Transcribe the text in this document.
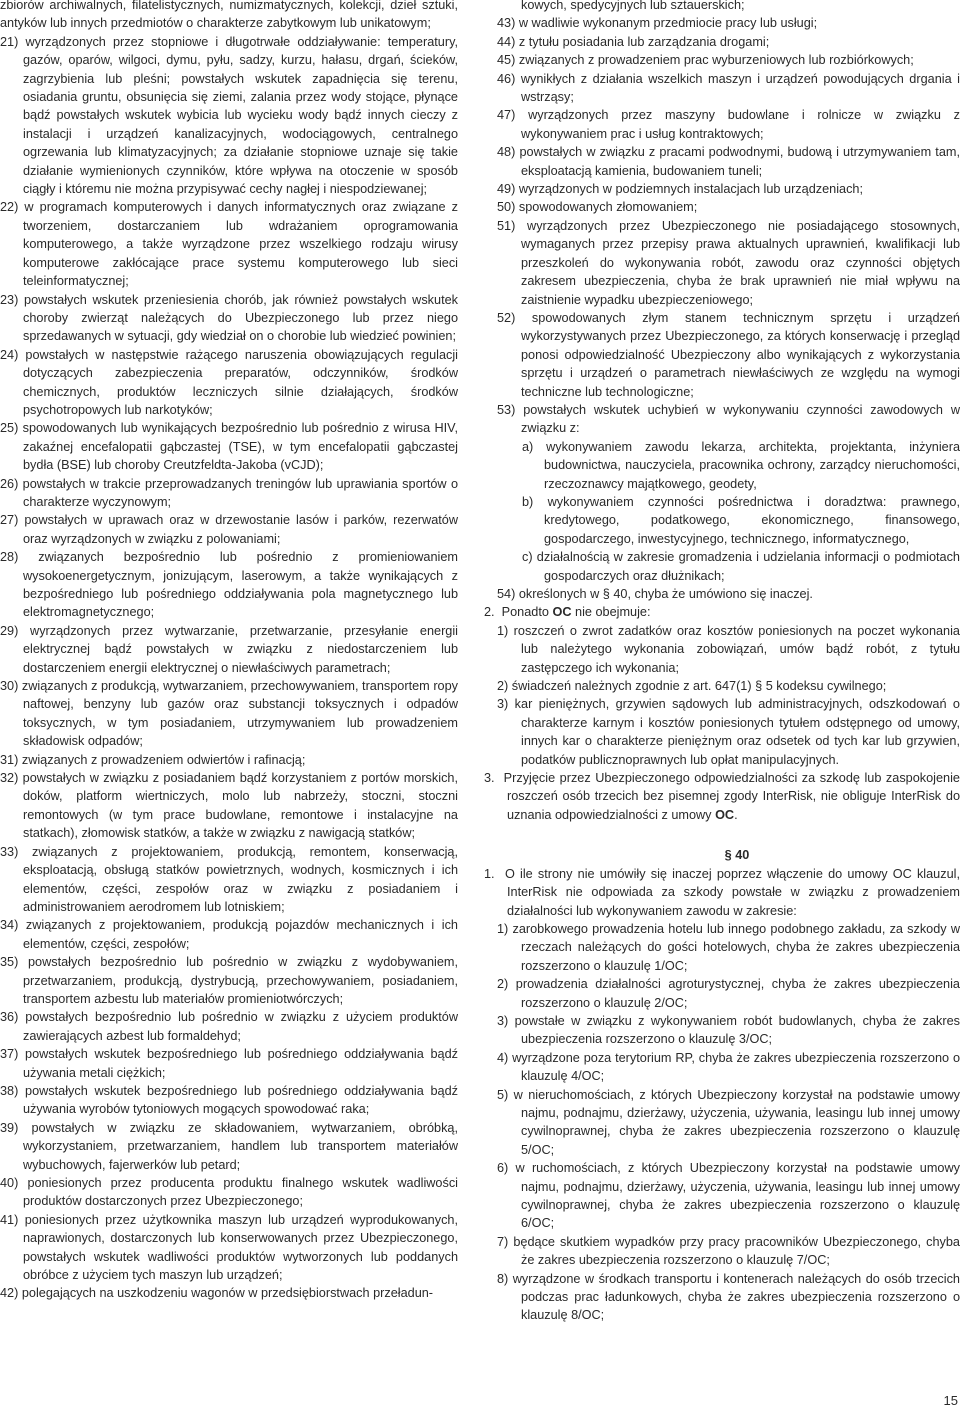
zbiorów archiwalnych, filatelistycznych, numizmatycznych, kolekcji, dzieł sztuki, antyków lub innych przedmiotów o charakterze zabytkowym lub unikatowym;

21) wyrządzonych przez stopniowe i długotrwałe oddziaływanie: temperatury, gazów, oparów, wilgoci, dymu, pyłu, sadzy, kurzu, hałasu, drgań, ścieków, zagrzybienia lub pleśni; powstałych wskutek zapadnięcia się terenu, osiadania gruntu, obsunięcia się ziemi, zalania przez wody stojące, płynące bądź powstałych wskutek wybicia lub wycieku wody bądź innych cieczy z instalacji i urządzeń kanalizacyjnych, wodociągowych, centralnego ogrzewania lub klimatyzacyjnych; za działanie stopniowe uznaje się takie działanie wymienionych czynników, które wpływa na otoczenie w sposób ciągły i któremu nie można przypisywać cechy nagłej i niespodziewanej;

22) w programach komputerowych i danych informatycznych oraz związane z tworzeniem, dostarczaniem lub wdrażaniem oprogramowania komputerowego, a także wyrządzone przez wszelkiego rodzaju wirusy komputerowe zakłócające prace systemu komputerowego lub sieci teleinformatycznej;

23) powstałych wskutek przeniesienia chorób, jak również powstałych wskutek choroby zwierząt należących do Ubezpieczonego lub przez niego sprzedawanych w sytuacji, gdy wiedział on o chorobie lub wiedzieć powinien;

24) powstałych w następstwie rażącego naruszenia obowiązujących regulacji dotyczących zabezpieczenia preparatów, odczynników, środków chemicznych, produktów leczniczych silnie działających, środków psychotropowych lub narkotyków;

25) spowodowanych lub wynikających bezpośrednio lub pośrednio z wirusa HIV, zakaźnej encefalopatii gąbczastej (TSE), w tym encefalopatii gąbczastej bydła (BSE) lub choroby Creutzfeldta-Jakoba (vCJD);

26) powstałych w trakcie przeprowadzanych treningów lub uprawiania sportów o charakterze wyczynowym;

27) powstałych w uprawach oraz w drzewostanie lasów i parków, rezerwatów oraz wyrządzonych w związku z polowaniami;

28) związanych bezpośrednio lub pośrednio z promieniowaniem wysokoenergetycznym, jonizującym, laserowym, a także wynikających z bezpośredniego lub pośredniego oddziaływania pola magnetycznego lub elektromagnetycznego;

29) wyrządzonych przez wytwarzanie, przetwarzanie, przesyłanie energii elektrycznej bądź powstałych w związku z niedostarczeniem lub dostarczeniem energii elektrycznej o niewłaściwych parametrach;

30) związanych z produkcją, wytwarzaniem, przechowywaniem, transportem ropy naftowej, benzyny lub gazów oraz substancji toksycznych i odpadów toksycznych, w tym posiadaniem, utrzymywaniem lub prowadzeniem składowisk odpadów;

31) związanych z prowadzeniem odwiertów i rafinacją;

32) powstałych w związku z posiadaniem bądź korzystaniem z portów morskich, doków, platform wiertniczych, molo lub nabrzeży, stoczni, stoczni remontowych (w tym prace budowlane, remontowe i instalacyjne na statkach), złomowisk statków, a także w związku z nawigacją statków;

33) związanych z projektowaniem, produkcją, remontem, konserwacją, eksploatacją, obsługą statków powietrznych, wodnych, kosmicznych i ich elementów, części, zespołów oraz w związku z posiadaniem i administrowaniem aerodromem lub lotniskiem;

34) związanych z projektowaniem, produkcją pojazdów mechanicznych i ich elementów, części, zespołów;

35) powstałych bezpośrednio lub pośrednio w związku z wydobywaniem, przetwarzaniem, produkcją, dystrybucją, przechowywaniem, posiadaniem, transportem azbestu lub materiałów promieniotwórczych;

36) powstałych bezpośrednio lub pośrednio w związku z użyciem produktów zawierających azbest lub formaldehyd;

37) powstałych wskutek bezpośredniego lub pośredniego oddziaływania bądź używania metali ciężkich;

38) powstałych wskutek bezpośredniego lub pośredniego oddziaływania bądź używania wyrobów tytoniowych mogących spowodować raka;

39) powstałych w związku ze składowaniem, wytwarzaniem, obróbką, wykorzystaniem, przetwarzaniem, handlem lub transportem materiałów wybuchowych, fajerwerków lub petard;

40) poniesionych przez producenta produktu finalnego wskutek wadliwości produktów dostarczonych przez Ubezpieczonego;

41) poniesionych przez użytkownika maszyn lub urządzeń wyprodukowanych, naprawionych, dostarczonych lub konserwowanych przez Ubezpieczonego, powstałych wskutek wadliwości produktów wytworzonych lub poddanych obróbce z użyciem tych maszyn lub urządzeń;

42) polegających na uszkodzeniu wagonów w przedsiębiorstwach przeładun-

kowych, spedycyjnych lub sztauerskich;

43) w wadliwie wykonanym przedmiocie pracy lub usługi;

44) z tytułu posiadania lub zarządzania drogami;

45) związanych z prowadzeniem prac wyburzeniowych lub rozbiórkowych;

46) wynikłych z działania wszelkich maszyn i urządzeń powodujących drgania i wstrząsy;

47) wyrządzonych przez maszyny budowlane i rolnicze w związku z wykonywaniem prac i usług kontraktowych;

48) powstałych w związku z pracami podwodnymi, budową i utrzymywaniem tam, eksploatacją kamienia, budowaniem tuneli;

49) wyrządzonych w podziemnych instalacjach lub urządzeniach;

50) spowodowanych złomowaniem;

51) wyrządzonych przez Ubezpieczonego nie posiadającego stosownych, wymaganych przez przepisy prawa aktualnych uprawnień, kwalifikacji lub przeszkoleń do wykonywania robót, zawodu oraz czynności objętych zakresem ubezpieczenia, chyba że brak uprawnień nie miał wpływu na zaistnienie wypadku ubezpieczeniowego;

52) spowodowanych złym stanem technicznym sprzętu i urządzeń wykorzystywanych przez Ubezpieczonego, za których konserwację i przegląd ponosi odpowiedzialność Ubezpieczony albo wynikających z wykorzystania sprzętu i urządzeń o parametrach niewłaściwych ze względu na wymogi techniczne lub technologiczne;

53) powstałych wskutek uchybień w wykonywaniu czynności zawodowych w związku z:

a) wykonywaniem zawodu lekarza, architekta, projektanta, inżyniera budownictwa, nauczyciela, pracownika ochrony, zarządcy nieruchomości, rzeczoznawcy majątkowego, geodety,

b) wykonywaniem czynności pośrednictwa i doradztwa: prawnego, kredytowego, podatkowego, ekonomicznego, finansowego, gospodarczego, inwestycyjnego, technicznego, informatycznego,

c) działalnością w zakresie gromadzenia i udzielania informacji o podmiotach gospodarczych oraz dłużnikach;

54) określonych w § 40, chyba że umówiono się inaczej.

2. Ponadto OC nie obejmuje:

1) roszczeń o zwrot zadatków oraz kosztów poniesionych na poczet wykonania lub należytego wykonania zobowiązań, umów bądź robót, z tytułu zastępczego ich wykonania;

2) świadczeń należnych zgodnie z art. 647(1) § 5 kodeksu cywilnego;

3) kar pieniężnych, grzywien sądowych lub administracyjnych, odszkodowań o charakterze karnym i kosztów poniesionych tytułem odstępnego od umowy, innych kar o charakterze pieniężnym oraz odsetek od tych kar lub grzywien, podatków publicznoprawnych lub opłat manipulacyjnych.

3. Przyjęcie przez Ubezpieczonego odpowiedzialności za szkodę lub zaspokojenie roszczeń osób trzecich bez pisemnej zgody InterRisk, nie obliguje InterRisk do uznania odpowiedzialności z umowy OC.

§ 40

1. O ile strony nie umówiły się inaczej poprzez włączenie do umowy OC klauzul, InterRisk nie odpowiada za szkody powstałe w związku z prowadzeniem działalności lub wykonywaniem zawodu w zakresie:

1) zarobkowego prowadzenia hotelu lub innego podobnego zakładu, za szkody w rzeczach należących do gości hotelowych, chyba że zakres ubezpieczenia rozszerzono o klauzulę 1/OC;

2) prowadzenia działalności agroturystycznej, chyba że zakres ubezpieczenia rozszerzono o klauzulę 2/OC;

3) powstałe w związku z wykonywaniem robót budowlanych, chyba że zakres ubezpieczenia rozszerzono o klauzulę 3/OC;

4) wyrządzone poza terytorium RP, chyba że zakres ubezpieczenia rozszerzono o klauzulę 4/OC;

5) w nieruchomościach, z których Ubezpieczony korzystał na podstawie umowy najmu, podnajmu, dzierżawy, użyczenia, używania, leasingu lub innej umowy cywilnoprawnej, chyba że zakres ubezpieczenia rozszerzono o klauzulę 5/OC;

6) w ruchomościach, z których Ubezpieczony korzystał na podstawie umowy najmu, podnajmu, dzierżawy, użyczenia, używania, leasingu lub innej umowy cywilnoprawnej, chyba że zakres ubezpieczenia rozszerzono o klauzulę 6/OC;

7) będące skutkiem wypadków przy pracy pracowników Ubezpieczonego, chyba że zakres ubezpieczenia rozszerzono o klauzulę 7/OC;

8) wyrządzone w środkach transportu i kontenerach należących do osób trzecich podczas prac ładunkowych, chyba że zakres ubezpieczenia rozszerzono o klauzulę 8/OC;

15
